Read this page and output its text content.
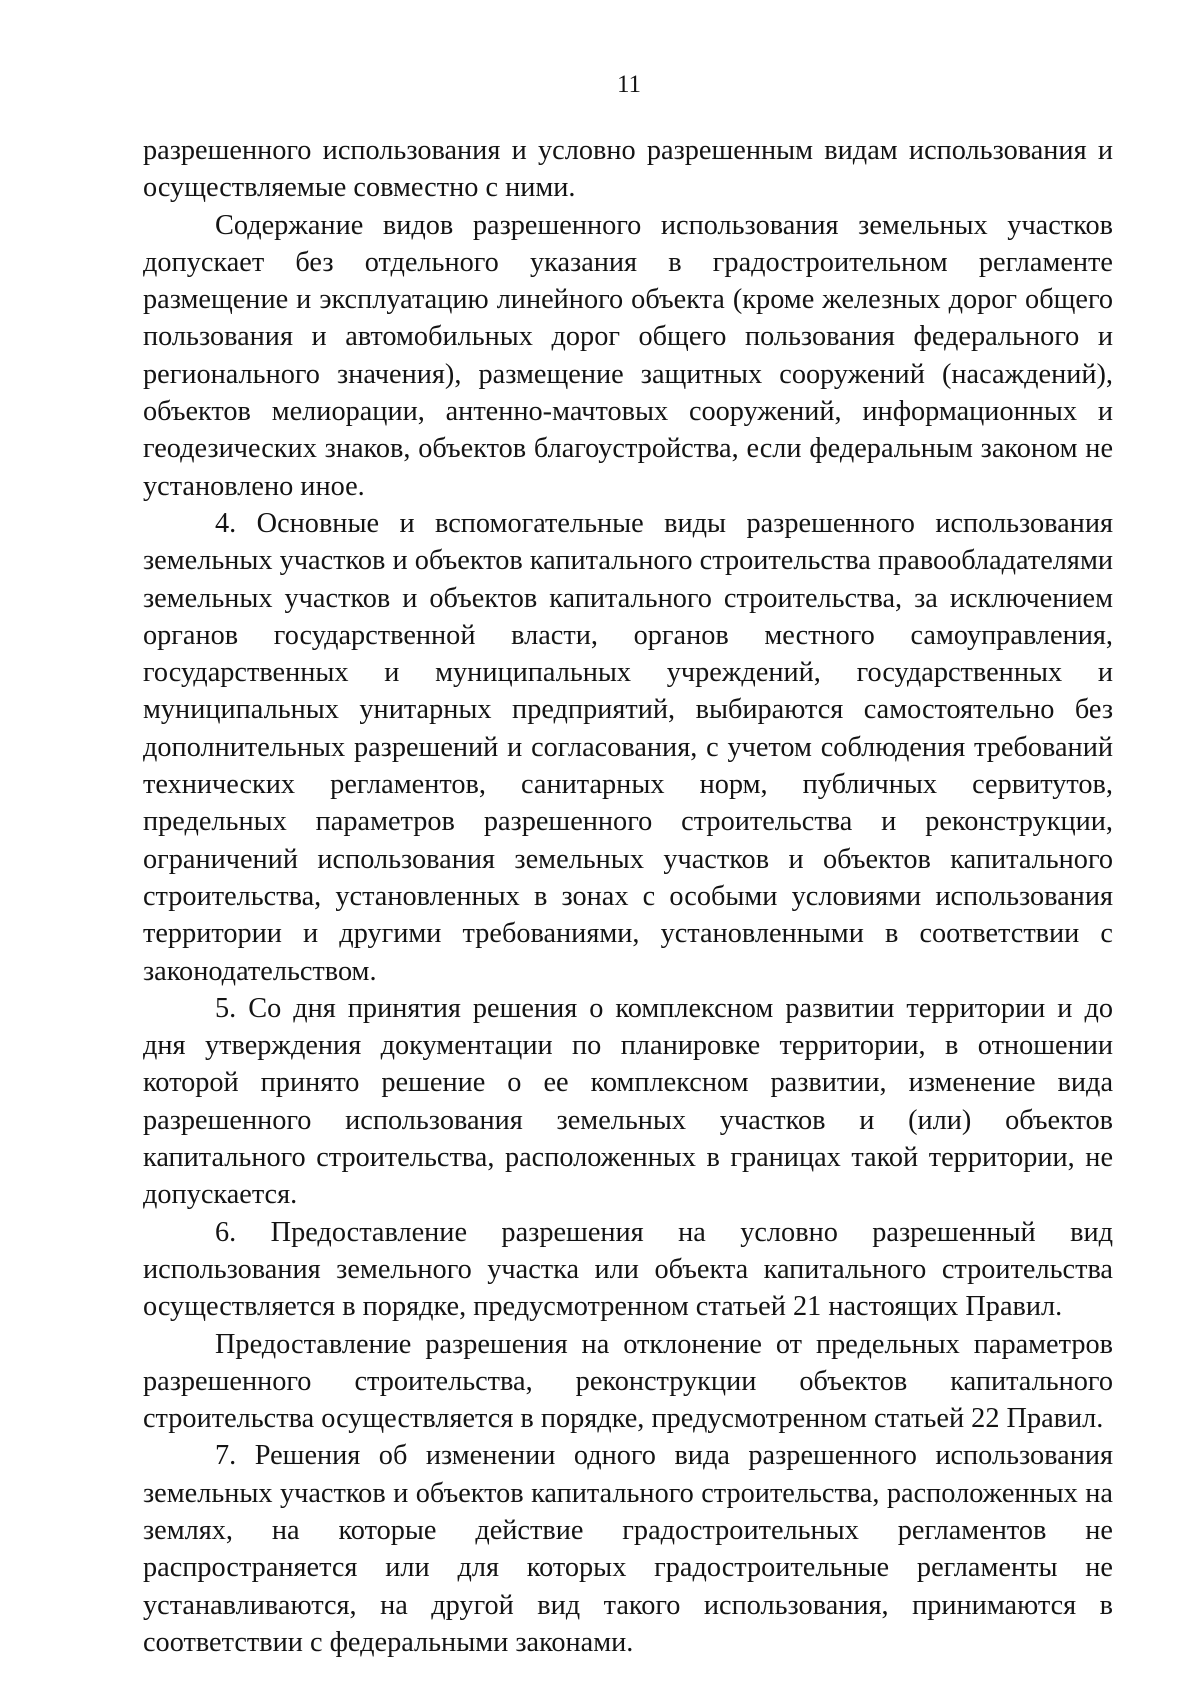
11

разрешенного использования и условно разрешенным видам использования и осуществляемые совместно с ними.

Содержание видов разрешенного использования земельных участков допускает без отдельного указания в градостроительном регламенте размещение и эксплуатацию линейного объекта (кроме железных дорог общего пользования и автомобильных дорог общего пользования федерального и регионального значения), размещение защитных сооружений (насаждений), объектов мелиорации, антенно-мачтовых сооружений, информационных и геодезических знаков, объектов благоустройства, если федеральным законом не установлено иное.

4. Основные и вспомогательные виды разрешенного использования земельных участков и объектов капитального строительства правообладателями земельных участков и объектов капитального строительства, за исключением органов государственной власти, органов местного самоуправления, государственных и муниципальных учреждений, государственных и муниципальных унитарных предприятий, выбираются самостоятельно без дополнительных разрешений и согласования, с учетом соблюдения требований технических регламентов, санитарных норм, публичных сервитутов, предельных параметров разрешенного строительства и реконструкции, ограничений использования земельных участков и объектов капитального строительства, установленных в зонах с особыми условиями использования территории и другими требованиями, установленными в соответствии с законодательством.

5. Со дня принятия решения о комплексном развитии территории и до дня утверждения документации по планировке территории, в отношении которой принято решение о ее комплексном развитии, изменение вида разрешенного использования земельных участков и (или) объектов капитального строительства, расположенных в границах такой территории, не допускается.

6. Предоставление разрешения на условно разрешенный вид использования земельного участка или объекта капитального строительства осуществляется в порядке, предусмотренном статьей 21 настоящих Правил.

Предоставление разрешения на отклонение от предельных параметров разрешенного строительства, реконструкции объектов капитального строительства осуществляется в порядке, предусмотренном статьей 22 Правил.

7. Решения об изменении одного вида разрешенного использования земельных участков и объектов капитального строительства, расположенных на землях, на которые действие градостроительных регламентов не распространяется или для которых градостроительные регламенты не устанавливаются, на другой вид такого использования, принимаются в соответствии с федеральными законами.
